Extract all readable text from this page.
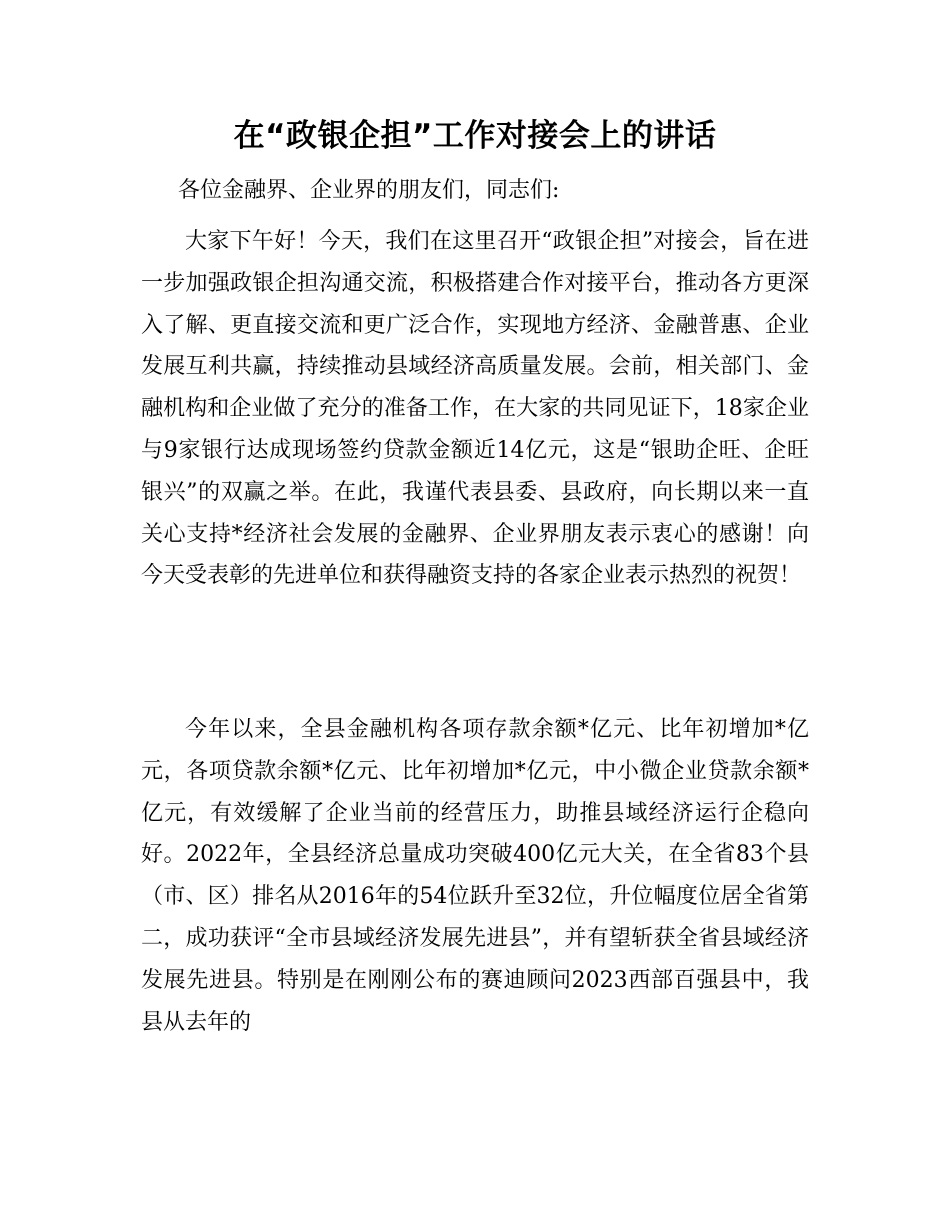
在“政银企担”工作对接会上的讲话

各位金融界、企业界的朋友们，同志们:

大家下午好！今天，我们在这里召开“政银企担”对接会，旨在进一步加强政银企担沟通交流，积极搭建合作对接平台，推动各方更深入了解、更直接交流和更广泛合作，实现地方经济、金融普惠、企业发展互利共赢，持续推动县域经济高质量发展。会前，相关部门、金融机构和企业做了充分的准备工作，在大家的共同见证下，18家企业与9家银行达成现场签约贷款金额近14亿元，这是“银助企旺、企旺银兴”的双赢之举。在此，我谨代表县委、县政府，向长期以来一直关心支持*经济社会发展的金融界、企业界朋友表示衷心的感谢！向今天受表彰的先进单位和获得融资支持的各家企业表示热烈的祝贺！

今年以来，全县金融机构各项存款余额*亿元、比年初增加*亿元，各项贷款余额*亿元、比年初增加*亿元，中小微企业贷款余额*亿元，有效缓解了企业当前的经营压力，助推县域经济运行企稳向好。2022年，全县经济总量成功突破400亿元大关，在全省83个县（市、区）排名从2016年的54位跃升至32位，升位幅度位居全省第二，成功获评“全市县域经济发展先进县”，并有望斩获全省县域经济发展先进县。特别是在刚刚公布的赛迪顾问2023西部百强县中，我县从去年的
